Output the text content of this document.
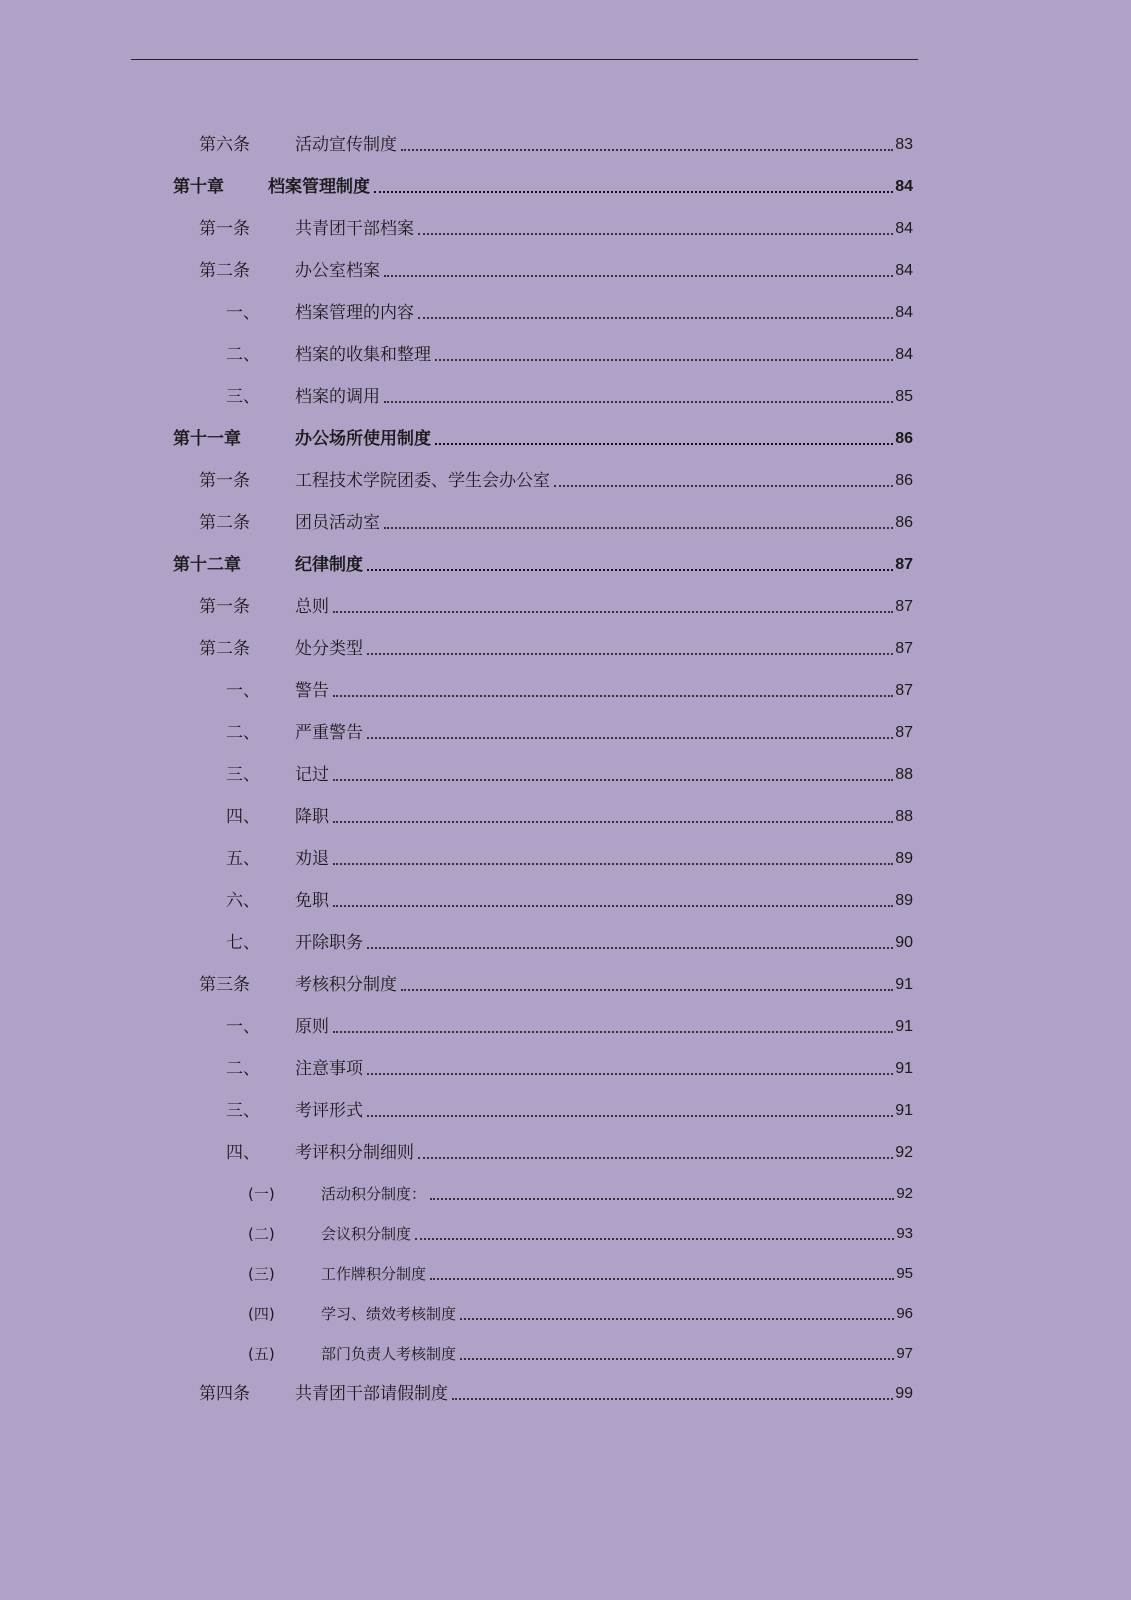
第六条	活动宣传制度	83
第十章	档案管理制度	84
第一条	共青团干部档案	84
第二条	办公室档案	84
一、	档案管理的内容	84
二、	档案的收集和整理	84
三、	档案的调用	85
第十一章	办公场所使用制度	86
第一条	工程技术学院团委、学生会办公室	86
第二条	团员活动室	86
第十二章	纪律制度	87
第一条	总则	87
第二条	处分类型	87
一、	警告	87
二、	严重警告	87
三、	记过	88
四、	降职	88
五、	劝退	89
六、	免职	89
七、	开除职务	90
第三条	考核积分制度	91
一、	原则	91
二、	注意事项	91
三、	考评形式	91
四、	考评积分制细则	92
(一)	活动积分制度：	92
(二)	会议积分制度	93
(三)	工作牌积分制度	95
(四)	学习、绩效考核制度	96
(五)	部门负责人考核制度	97
第四条	共青团干部请假制度	99
